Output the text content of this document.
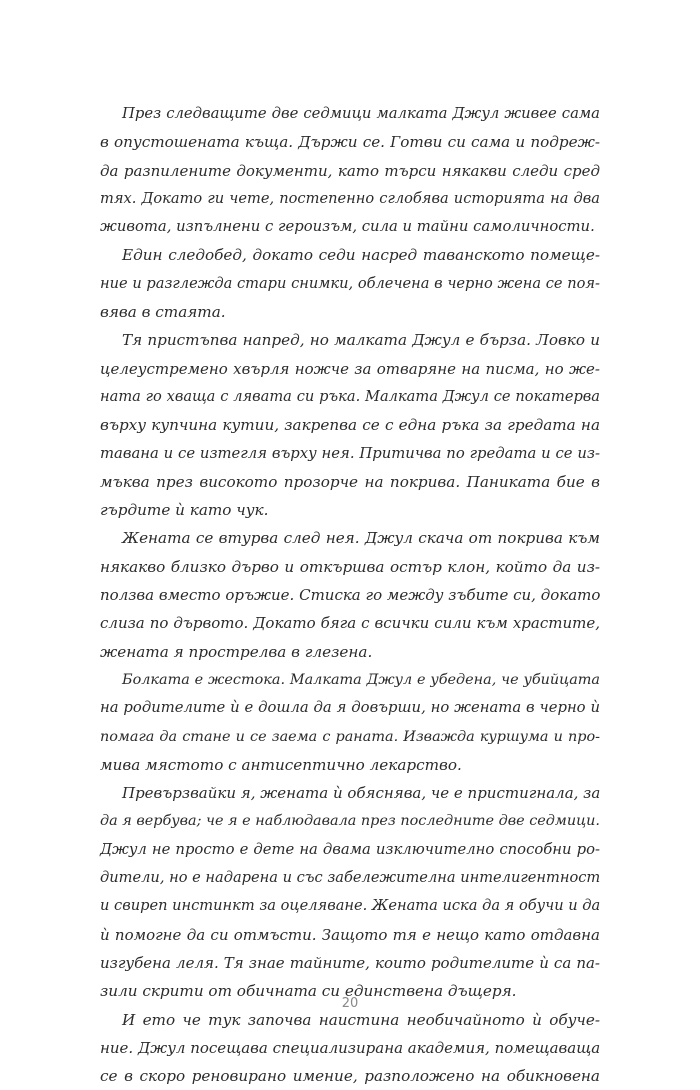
През следващите две седмици малката Джул живее сама
в опустошената къща. Държи се. Готви си сама и подреж-
да разпилените документи, като търси някакви следи сред
тях. Докато ги чете, постепенно сглобява историята на два
живота, изпълнени с героизъм, сила и тайни самоличности.
Един следобед, докато седи насред таванското помеще-
ние и разглежда стари снимки, облечена в черно жена се поя-
вява в стаята.
Тя пристъпва напред, но малката Джул е бърза. Ловко и
целеустремено хвърля ножче за отваряне на писма, но же-
ната го хваща с лявата си ръка. Малката Джул се покатерва
върху купчина кутии, закрепва се с една ръка за гредата на
тавана и се изтегля върху нея. Притичва по гредата и се из-
мъква през високото прозорче на покрива. Паниката бие в
гърдите ѝ като чук.
Жената се втурва след нея. Джул скача от покрива към
някакво близко дърво и откършва остър клон, който да из-
ползва вместо оръжие. Стиска го между зъбите си, докато
слиза по дървото. Докато бяга с всички сили към храстите,
жената я прострелва в глезена.
Болката е жестока. Малката Джул е убедена, че убийцата
на родителите ѝ е дошла да я довърши, но жената в черно ѝ
помага да стане и се заема с раната. Изважда куршума и про-
мива мястото с антисептично лекарство.
Превързвайки я, жената ѝ обяснява, че е пристигнала, за
да я вербува; че я е наблюдавала през последните две седмици.
Джул не просто е дете на двама изключително способни ро-
дители, но е надарена и със забележителна интелигентност
и свиреп инстинкт за оцеляване. Жената иска да я обучи и да
ѝ помогне да си отмъсти. Защото тя е нещо като отдавна
изгубена леля. Тя знае тайните, които родителите ѝ са па-
зили скрити от обичната си единствена дъщеря.
И ето че тук започва наистина необичайното ѝ обуче-
ние. Джул посещава специализирана академия, помещаваща
се в скоро реновирано имение, разположено на обикновена
20
